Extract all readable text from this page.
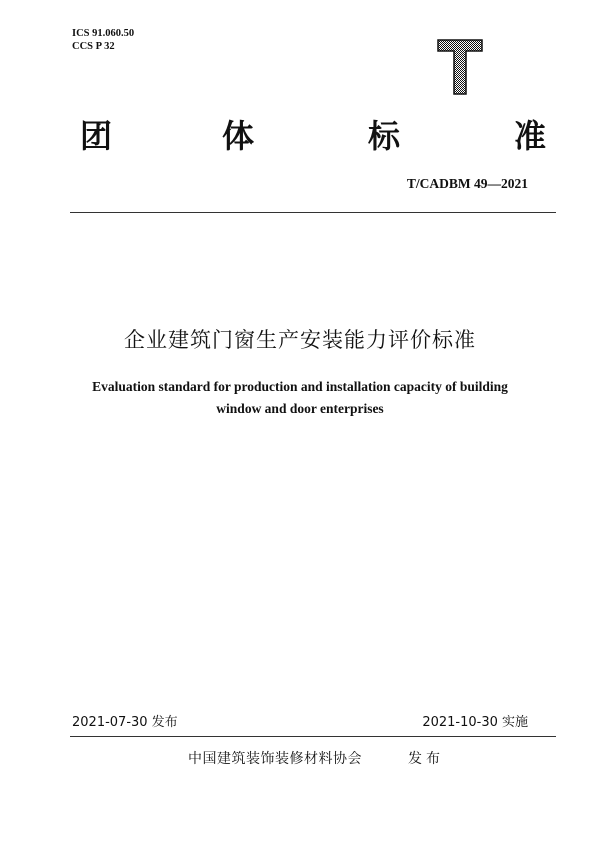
ICS 91.060.50
CCS P 32
团	体	标	准
T/CADBM 49—2021
企业建筑门窗生产安装能力评价标准
Evaluation standard for production and installation capacity of building
window and door enterprises
2021-07-30 发布	2021-10-30 实施
中国建筑装饰装修材料协会	发布
